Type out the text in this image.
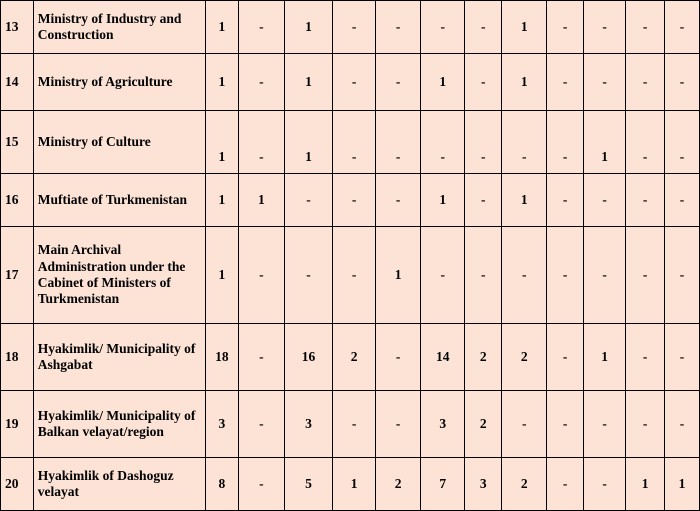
13	Ministry of Industry and Construction	1	-	1	-	-	-	-	1	-	-	-	-
14	Ministry of Agriculture	1	-	1	-	-	1	-	1	-	-	-	-
15	Ministry of Culture	1	-	1	-	-	-	-	-	-	1	-	-
16	Muftiate of Turkmenistan	1	1	-	-	-	1	-	1	-	-	-	-
17	Main Archival Administration under the Cabinet of Ministers of Turkmenistan	1	-	-	-	1	-	-	-	-	-	-	-
18	Hyakimlik/ Municipality of Ashgabat	18	-	16	2	-	14	2	2	-	1	-	-
19	Hyakimlik/ Municipality of Balkan velayat/region	3	-	3	-	-	3	2	-	-	-	-	-
20	Hyakimlik of Dashoguz velayat	8	-	5	1	2	7	3	2	-	-	1	1
